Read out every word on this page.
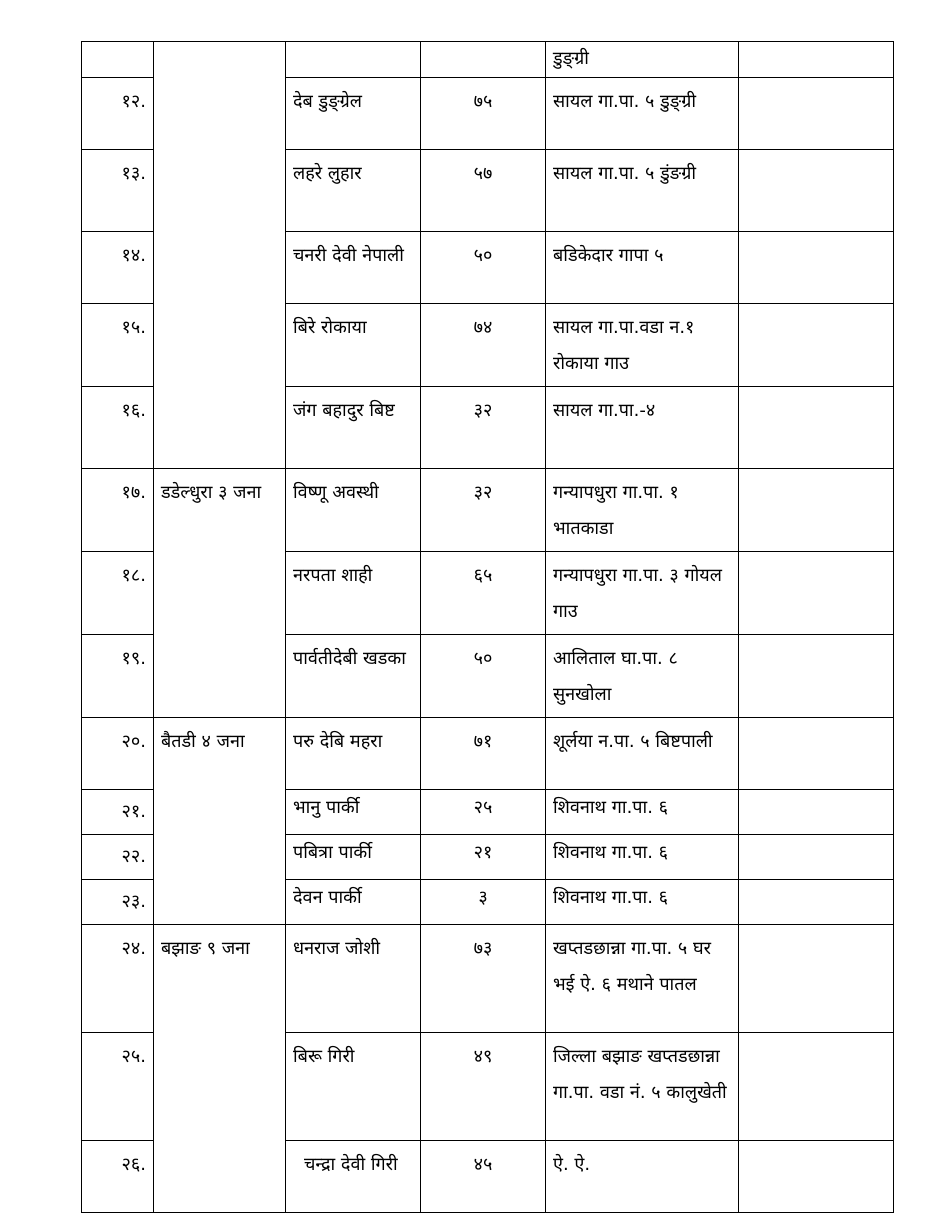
				डुङ्ग्री	
१२.		देब डुङ्ग्रेल	७५	सायल गा.पा. ५ डुङ्ग्री	
१३.		लहरे लुहार	५७	सायल गा.पा. ५ डुंङग्री	
१४.		चनरी देवी नेपाली	५०	बडिकेदार गापा ५	
१५.		बिरे रोकाया	७४	सायल गा.पा.वडा न.१ रोकाया गाउ	
१६.		जंग बहादुर बिष्ट	३२	सायल गा.पा.-४	
१७.	डडेल्धुरा ३ जना	विष्णू अवस्थी	३२	गन्यापधुरा गा.पा. १ भातकाडा	
१८.		नरपता शाही	६५	गन्यापधुरा गा.पा. ३ गोयल गाउ	
१९.		पार्वतीदेबी खडका	५०	आलिताल घा.पा. ८ सुनखोला	
२०.	बैतडी ४ जना	परु देबि महरा	७१	शूर्लया न.पा. ५ बिष्टपाली	
२१.		भानु पार्की	२५	शिवनाथ गा.पा. ६	
२२.		पबित्रा पार्की	२१	शिवनाथ गा.पा. ६	
२३.		देवन पार्की	३	शिवनाथ गा.पा. ६	
२४.	बझाङ ९ जना	धनराज जोशी	७३	खप्तडछान्ना गा.पा. ५ घर भई ऐ. ६ मथाने पातल	
२५.		बिरू गिरी	४९	जिल्ला बझाङ खप्तडछान्ना गा.पा. वडा नं. ५ कालुखेती	
२६.		चन्द्रा देवी गिरी	४५	ऐ. ऐ.	
